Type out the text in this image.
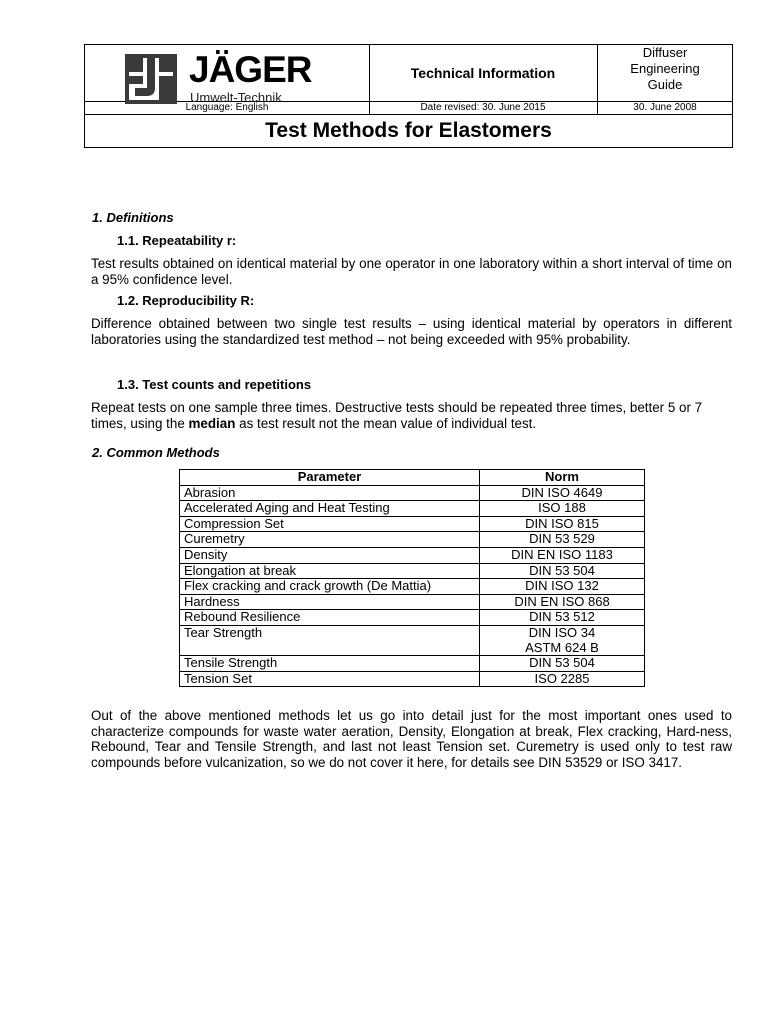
JÄGER
Umwelt-Technik
Language: English
Technical Information
Diffuser
Engineering
Guide
Date revised: 30. June 2015	30. June 2008
Test Methods for Elastomers
1. Definitions
1.1. Repeatability r:
Test results obtained on identical material by one operator in one laboratory within a short interval of time on a 95% confidence level.
1.2. Reproducibility R:
Difference obtained between two single test results – using identical material by operators in different laboratories using the standardized test method – not being exceeded with 95% probability.
1.3. Test counts and repetitions
Repeat tests on one sample three times. Destructive tests should be repeated three times, better 5 or 7 times, using the median as test result not the mean value of individual test.
2. Common Methods
Parameter	Norm
Abrasion	DIN ISO 4649

Accelerated Aging and Heat Testing	ISO 188

Compression Set	DIN ISO 815

Curemetry	DIN 53 529

Density	DIN EN ISO 1183

Elongation at break	DIN 53 504

Flex cracking and crack growth (De Mattia)	DIN ISO 132

Hardness	DIN EN ISO 868

Rebound Resilience	DIN 53 512

Tear Strength	DIN ISO 34
ASTM 624 B

Tensile Strength	DIN 53 504

Tension Set	ISO 2285
Out of the above mentioned methods let us go into detail just for the most important ones used to characterize compounds for waste water aeration, Density, Elongation at break, Flex cracking, Hard-ness, Rebound, Tear and Tensile Strength, and last not least Tension set. Curemetry is used only to test raw compounds before vulcanization, so we do not cover it here, for details see DIN 53529 or ISO 3417.
